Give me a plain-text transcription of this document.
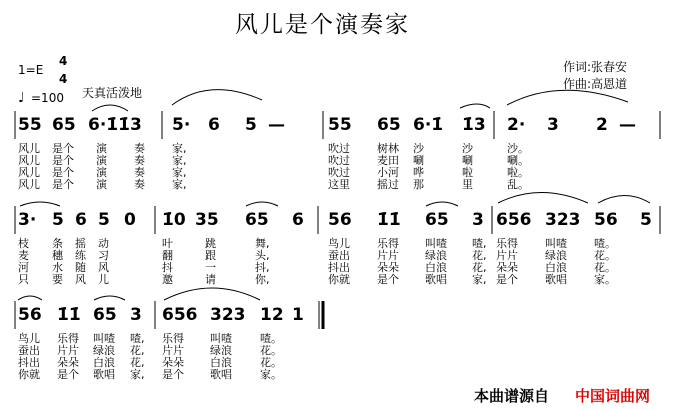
风儿是个演奏家
1=E
4
4
天真活泼地
♩ =100
作词:张春安
作曲:高恩道
55 65 6·1̇1̇3 5· 6 5 —	55 65 6·1̇ 1̇3 2· 3 2 —
风儿 是个 演 奏 家,	吹过 树林 沙	沙	沙。
风儿 是个 演 奏 家,	吹过 麦田 唰	唰	唰。
风儿 是个 演 奏 家,	吹过 小河 哗	啦	啦。
风儿 是个 演 奏 家,	这里 摇过 那	里	乱。
3· 5 6 5 0 1̇0 35 65 6 56 1̇1̇ 65 3 656 323 56 5
枝 条 摇 动	叶	跳	舞,	鸟儿 乐得 叫喳 喳, 乐得 叫喳 喳。
麦 穗 练 习	翻	跟	头,	蚕出 片片 绿浪 花, 片片 绿浪 花。
河 水 随 风	抖	一	抖,	抖出 朵朵 白浪 花, 朵朵 白浪 花。
只 要 风 儿	邀	请	你,	你就 是个 歌唱 家, 是个 歌唱 家。
56 1̇1̇ 65 3 656 323 12 1
鸟儿 乐得 叫喳 喳, 乐得 叫喳	喳。
蚕出 片片 绿浪 花, 片片 绿浪	花。
抖出 朵朵 白浪 花, 朵朵 白浪	花。
你就 是个 歌唱 家, 是个 歌唱	家。
本曲谱源自 中国词曲网
